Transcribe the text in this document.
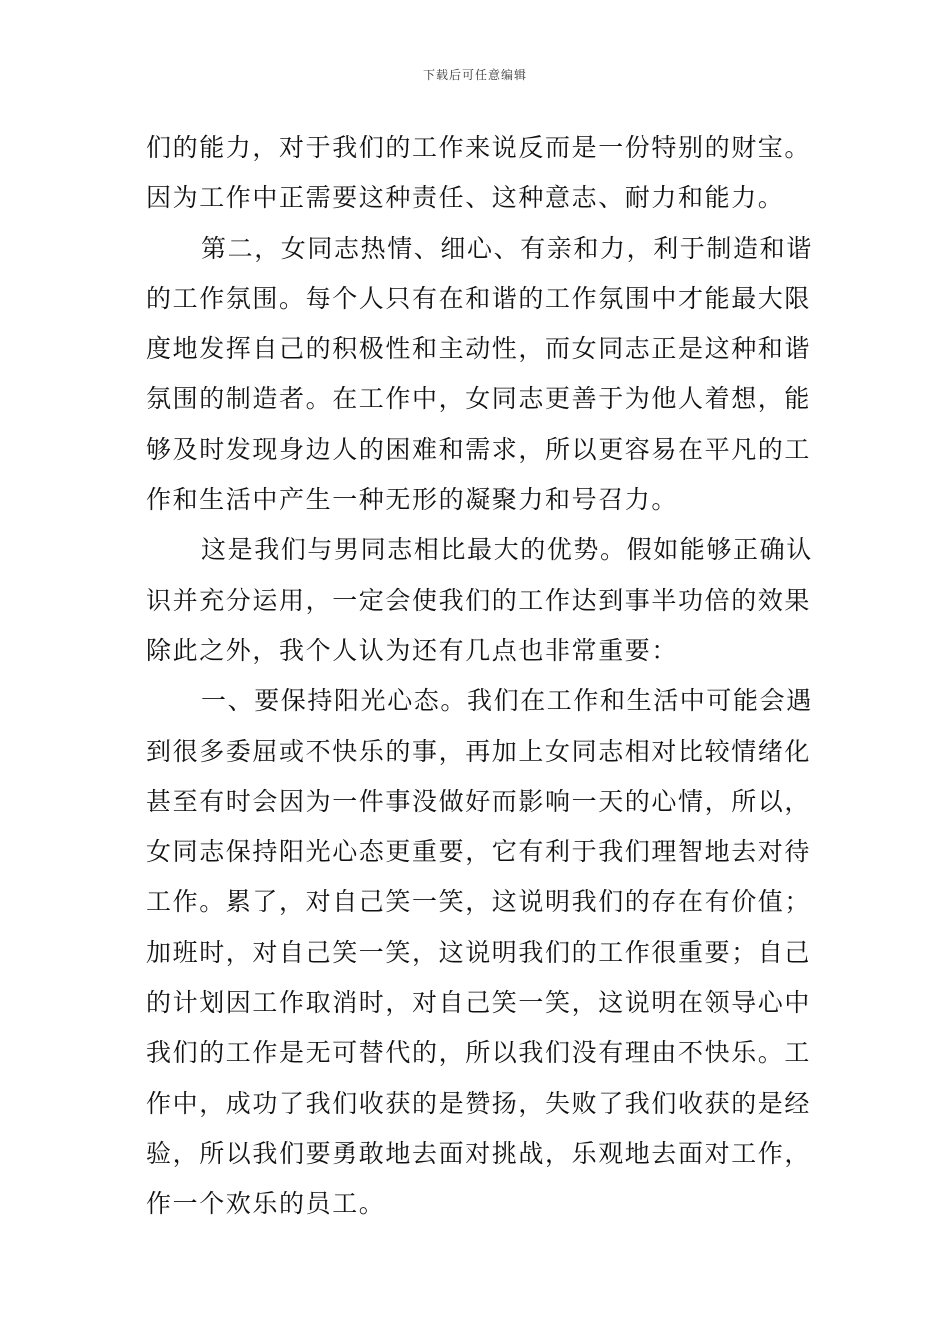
下载后可任意编辑
们的能力，对于我们的工作来说反而是一份特别的财宝。
因为工作中正需要这种责任、这种意志、耐力和能力。
第二，女同志热情、细心、有亲和力，利于制造和谐
的工作氛围。每个人只有在和谐的工作氛围中才能最大限
度地发挥自己的积极性和主动性，而女同志正是这种和谐
氛围的制造者。在工作中，女同志更善于为他人着想，能
够及时发现身边人的困难和需求，所以更容易在平凡的工
作和生活中产生一种无形的凝聚力和号召力。
这是我们与男同志相比最大的优势。假如能够正确认
识并充分运用，一定会使我们的工作达到事半功倍的效果
除此之外，我个人认为还有几点也非常重要：
一、要保持阳光心态。我们在工作和生活中可能会遇
到很多委屈或不快乐的事，再加上女同志相对比较情绪化
甚至有时会因为一件事没做好而影响一天的心情，所以，
女同志保持阳光心态更重要，它有利于我们理智地去对待
工作。累了，对自己笑一笑，这说明我们的存在有价值；
加班时，对自己笑一笑，这说明我们的工作很重要；自己
的计划因工作取消时，对自己笑一笑，这说明在领导心中
我们的工作是无可替代的，所以我们没有理由不快乐。工
作中，成功了我们收获的是赞扬，失败了我们收获的是经
验，所以我们要勇敢地去面对挑战，乐观地去面对工作，
作一个欢乐的员工。
